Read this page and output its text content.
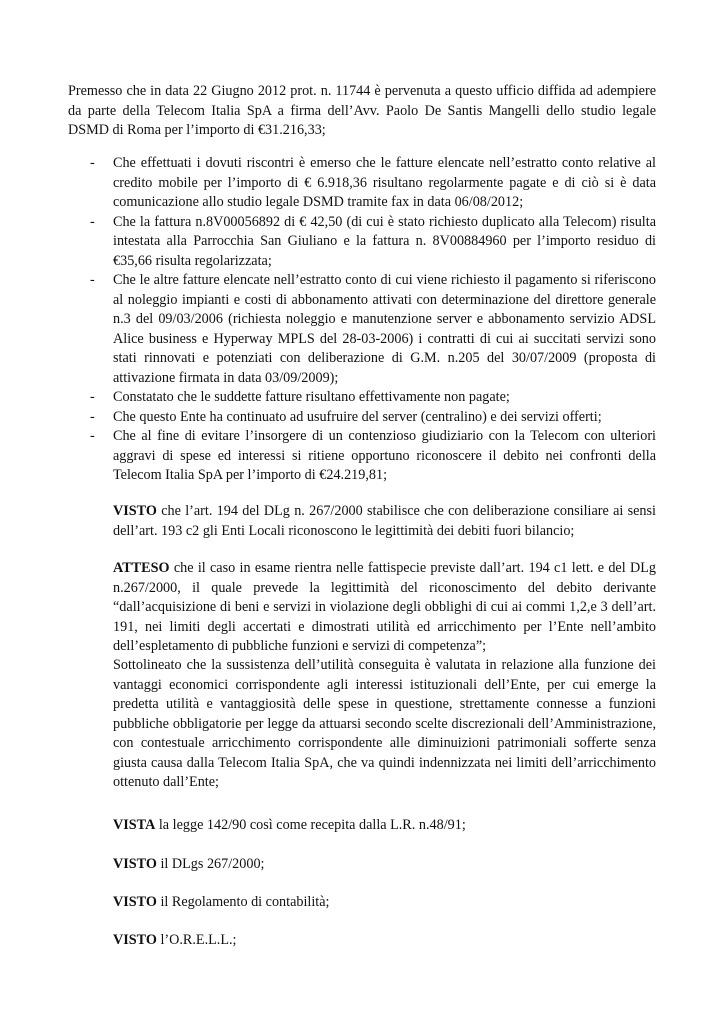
Premesso che in data 22 Giugno 2012 prot. n. 11744 è pervenuta a questo ufficio diffida ad adempiere da parte della Telecom Italia SpA a firma dell’Avv. Paolo De Santis Mangelli dello studio legale DSMD di Roma per l’importo di €31.216,33;

- Che effettuati i dovuti riscontri è emerso che le fatture elencate nell’estratto conto relative al credito mobile per l’importo di € 6.918,36 risultano regolarmente pagate e di ciò si è data comunicazione allo studio legale DSMD tramite fax in data 06/08/2012;
- Che la fattura n.8V00056892 di € 42,50 (di cui è stato richiesto duplicato alla Telecom) risulta intestata alla Parrocchia San Giuliano e la fattura n. 8V00884960 per l’importo residuo di €35,66 risulta regolarizzata;
- Che le altre fatture elencate nell’estratto conto di cui viene richiesto il pagamento si riferiscono al noleggio impianti e costi di abbonamento attivati con determinazione del direttore generale n.3 del 09/03/2006 (richiesta noleggio e manutenzione server e abbonamento servizio ADSL Alice business e Hyperway MPLS del 28-03-2006) i contratti di cui ai succitati servizi sono stati rinnovati e potenziati con deliberazione di G.M. n.205 del 30/07/2009 (proposta di attivazione firmata in data 03/09/2009);
- Constatato che le suddette fatture risultano effettivamente non pagate;
- Che questo Ente ha continuato ad usufruire del server (centralino) e dei servizi offerti;
- Che al fine di evitare l’insorgere di un contenzioso giudiziario con la Telecom con ulteriori aggravi di spese ed interessi si ritiene opportuno riconoscere il debito nei confronti della Telecom Italia SpA per l’importo di €24.219,81;

VISTO che l’art. 194 del DLg n. 267/2000 stabilisce che con deliberazione consiliare ai sensi dell’art. 193 c2 gli Enti Locali riconoscono le legittimità dei debiti fuori bilancio;

ATTESO che il caso in esame rientra nelle fattispecie previste dall’art. 194 c1 lett. e del DLg n.267/2000, il quale prevede la legittimità del riconoscimento del debito derivante “dall’acquisizione di beni e servizi in violazione degli obblighi di cui ai commi 1,2,e 3 dell’art. 191, nei limiti degli accertati e dimostrati utilità ed arricchimento per l’Ente nell’ambito dell’espletamento di pubbliche funzioni e servizi di competenza”;

Sottolineato che la sussistenza dell’utilità conseguita è valutata in relazione alla funzione dei vantaggi economici corrispondente agli interessi istituzionali dell’Ente, per cui emerge la predetta utilità e vantaggiosità delle spese in questione, strettamente connesse a funzioni pubbliche obbligatorie per legge da attuarsi secondo scelte discrezionali dell’Amministrazione, con contestuale arricchimento corrispondente alle diminuizioni patrimoniali sofferte senza giusta causa dalla Telecom Italia SpA, che va quindi indennizzata nei limiti dell’arricchimento ottenuto dall’Ente;

VISTA la legge 142/90 così come recepita dalla L.R. n.48/91;

VISTO il DLgs 267/2000;

VISTO il Regolamento di contabilità;

VISTO l’O.R.E.L.L.;
